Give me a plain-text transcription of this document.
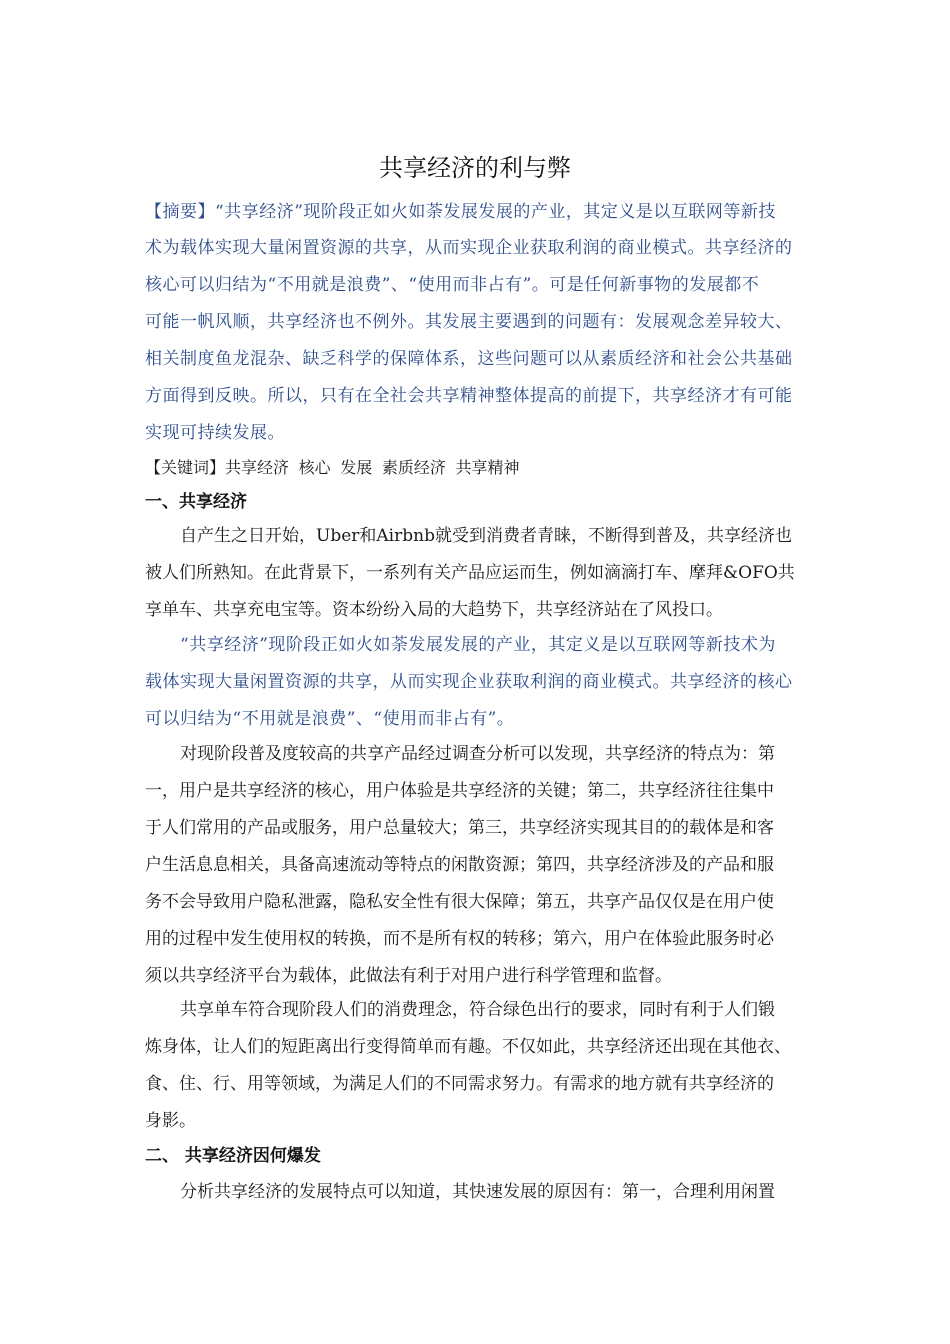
共享经济的利与弊
【摘要】“共享经济”现阶段正如火如荼发展发展的产业，其定义是以互联网等新技
术为载体实现大量闲置资源的共享，从而实现企业获取利润的商业模式。共享经济的
核心可以归结为“不用就是浪费”、“使用而非占有”。可是任何新事物的发展都不
可能一帆风顺，共享经济也不例外。其发展主要遇到的问题有：发展观念差异较大、
相关制度鱼龙混杂、缺乏科学的保障体系，这些问题可以从素质经济和社会公共基础
方面得到反映。所以，只有在全社会共享精神整体提高的前提下，共享经济才有可能
实现可持续发展。
【关键词】共享经济 核心 发展 素质经济 共享精神
一、共享经济
自产生之日开始，Uber和Airbnb就受到消费者青睐，不断得到普及，共享经济也
被人们所熟知。在此背景下，一系列有关产品应运而生，例如滴滴打车、摩拜&OFO共
享单车、共享充电宝等。资本纷纷入局的大趋势下，共享经济站在了风投口。
“共享经济”现阶段正如火如荼发展发展的产业，其定义是以互联网等新技术为
载体实现大量闲置资源的共享，从而实现企业获取利润的商业模式。共享经济的核心
可以归结为“不用就是浪费”、“使用而非占有”。
对现阶段普及度较高的共享产品经过调查分析可以发现，共享经济的特点为：第
一，用户是共享经济的核心，用户体验是共享经济的关键；第二，共享经济往往集中
于人们常用的产品或服务，用户总量较大；第三，共享经济实现其目的的载体是和客
户生活息息相关，具备高速流动等特点的闲散资源；第四，共享经济涉及的产品和服
务不会导致用户隐私泄露，隐私安全性有很大保障；第五，共享产品仅仅是在用户使
用的过程中发生使用权的转换，而不是所有权的转移；第六，用户在体验此服务时必
须以共享经济平台为载体，此做法有利于对用户进行科学管理和监督。
共享单车符合现阶段人们的消费理念，符合绿色出行的要求，同时有利于人们锻
炼身体，让人们的短距离出行变得简单而有趣。不仅如此，共享经济还出现在其他衣、
食、住、行、用等领域，为满足人们的不同需求努力。有需求的地方就有共享经济的
身影。
二、 共享经济因何爆发
分析共享经济的发展特点可以知道，其快速发展的原因有：第一，合理利用闲置
